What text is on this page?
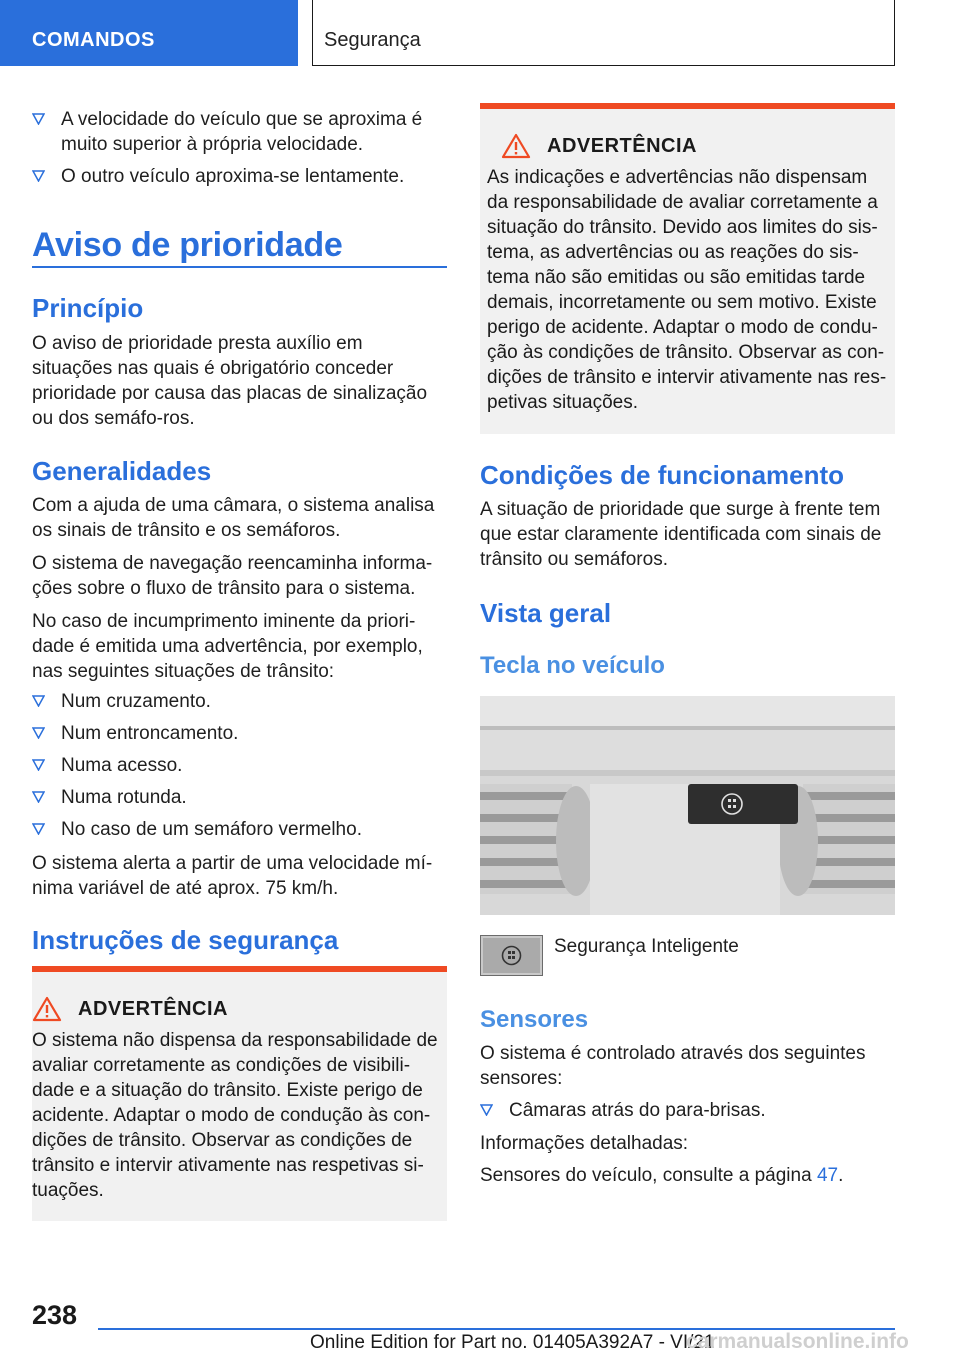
COMANDOS	Segurança
A velocidade do veículo que se aproxima é muito superior à própria velocidade.
O outro veículo aproxima-se lentamente.
Aviso de prioridade
Princípio

O aviso de prioridade presta auxílio em situações nas quais é obrigatório conceder prioridade por causa das placas de sinalização ou dos semáfo-ros.

Generalidades

Com a ajuda de uma câmara, o sistema analisa os sinais de trânsito e os semáforos.

O sistema de navegação reencaminha informa-ções sobre o fluxo de trânsito para o sistema.

No caso de incumprimento iminente da priori-dade é emitida uma advertência, por exemplo, nas seguintes situações de trânsito:

Num cruzamento.
Num entroncamento.
Numa acesso.
Numa rotunda.
No caso de um semáforo vermelho.

O sistema alerta a partir de uma velocidade mí-nima variável de até aprox. 75 km/h.

Instruções de segurança
ADVERTÊNCIA

O sistema não dispensa da responsabilidade de avaliar corretamente as condições de visibili-dade e a situação do trânsito. Existe perigo de acidente. Adaptar o modo de condução às con-dições de trânsito. Observar as condições de trânsito e intervir ativamente nas respetivas si-tuações.

ADVERTÊNCIA

As indicações e advertências não dispensam da responsabilidade de avaliar corretamente a situação do trânsito. Devido aos limites do sis-tema, as advertências ou as reações do sis-tema não são emitidas ou são emitidas tarde demais, incorretamente ou sem motivo. Existe perigo de acidente. Adaptar o modo de condu-ção às condições de trânsito. Observar as con-dições de trânsito e intervir ativamente nas res-petivas situações.

Condições de funcionamento

A situação de prioridade que surge à frente tem que estar claramente identificada com sinais de trânsito ou semáforos.

Vista geral
Tecla no veículo

Segurança Inteligente

Sensores

O sistema é controlado através dos seguintes sensores:

Câmaras atrás do para-brisas.

Informações detalhadas:

Sensores do veículo, consulte a página 47.

238
Online Edition for Part no. 01405A392A7 - VI/21
carmanualsonline.info
